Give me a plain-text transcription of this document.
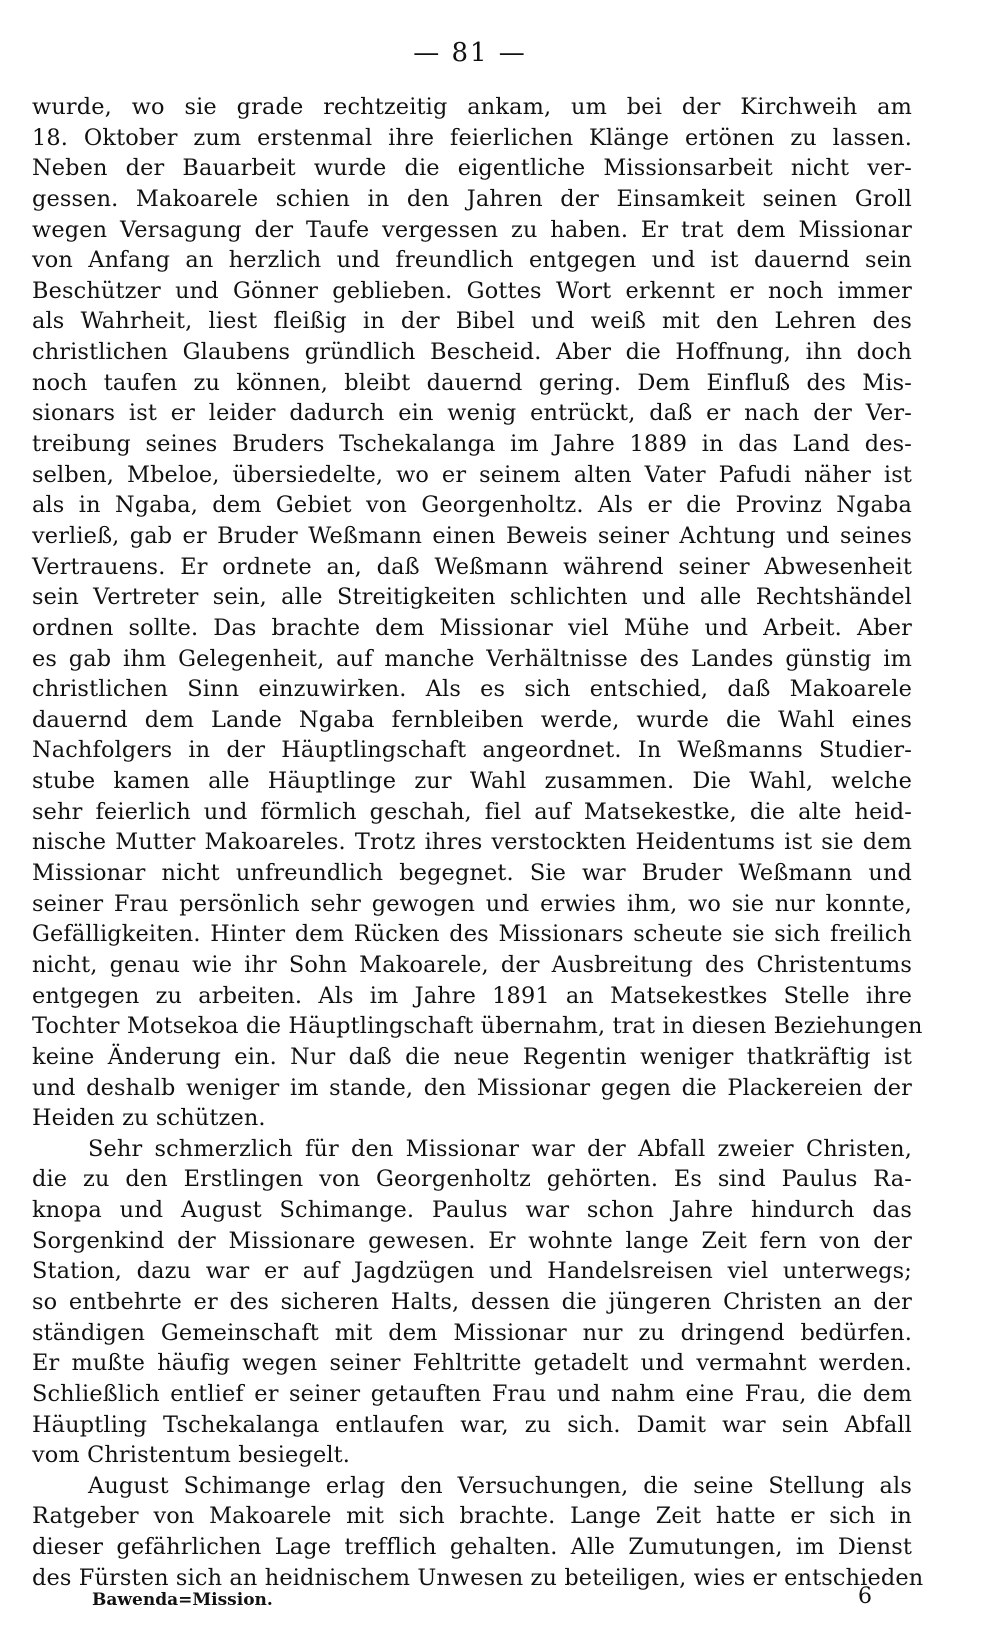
— 81 —
wurde, wo sie grade rechtzeitig ankam, um bei der Kirchweih am
18. Oktober zum erstenmal ihre feierlichen Klänge ertönen zu lassen.
Neben der Bauarbeit wurde die eigentliche Missionsarbeit nicht ver-
gessen. Makoarele schien in den Jahren der Einsamkeit seinen Groll
wegen Versagung der Taufe vergessen zu haben. Er trat dem Missionar
von Anfang an herzlich und freundlich entgegen und ist dauernd sein
Beschützer und Gönner geblieben. Gottes Wort erkennt er noch immer
als Wahrheit, liest fleißig in der Bibel und weiß mit den Lehren des
christlichen Glaubens gründlich Bescheid. Aber die Hoffnung, ihn doch
noch taufen zu können, bleibt dauernd gering. Dem Einfluß des Mis-
sionars ist er leider dadurch ein wenig entrückt, daß er nach der Ver-
treibung seines Bruders Tschekalanga im Jahre 1889 in das Land des-
selben, Mbeloe, übersiedelte, wo er seinem alten Vater Pafudi näher ist
als in Ngaba, dem Gebiet von Georgenholtz. Als er die Provinz Ngaba
verließ, gab er Bruder Weßmann einen Beweis seiner Achtung und seines
Vertrauens. Er ordnete an, daß Weßmann während seiner Abwesenheit
sein Vertreter sein, alle Streitigkeiten schlichten und alle Rechtshändel
ordnen sollte. Das brachte dem Missionar viel Mühe und Arbeit. Aber
es gab ihm Gelegenheit, auf manche Verhältnisse des Landes günstig im
christlichen Sinn einzuwirken. Als es sich entschied, daß Makoarele
dauernd dem Lande Ngaba fernbleiben werde, wurde die Wahl eines
Nachfolgers in der Häuptlingschaft angeordnet. In Weßmanns Studier-
stube kamen alle Häuptlinge zur Wahl zusammen. Die Wahl, welche
sehr feierlich und förmlich geschah, fiel auf Matsekestke, die alte heid-
nische Mutter Makoareles. Trotz ihres verstockten Heidentums ist sie dem
Missionar nicht unfreundlich begegnet. Sie war Bruder Weßmann und
seiner Frau persönlich sehr gewogen und erwies ihm, wo sie nur konnte,
Gefälligkeiten. Hinter dem Rücken des Missionars scheute sie sich freilich
nicht, genau wie ihr Sohn Makoarele, der Ausbreitung des Christentums
entgegen zu arbeiten. Als im Jahre 1891 an Matsekestkes Stelle ihre
Tochter Motsekoa die Häuptlingschaft übernahm, trat in diesen Beziehungen
keine Änderung ein. Nur daß die neue Regentin weniger thatkräftig ist
und deshalb weniger im stande, den Missionar gegen die Plackereien der
Heiden zu schützen.
Sehr schmerzlich für den Missionar war der Abfall zweier Christen,
die zu den Erstlingen von Georgenholtz gehörten. Es sind Paulus Ra-
knopa und August Schimange. Paulus war schon Jahre hindurch das
Sorgenkind der Missionare gewesen. Er wohnte lange Zeit fern von der
Station, dazu war er auf Jagdzügen und Handelsreisen viel unterwegs;
so entbehrte er des sicheren Halts, dessen die jüngeren Christen an der
ständigen Gemeinschaft mit dem Missionar nur zu dringend bedürfen.
Er mußte häufig wegen seiner Fehltritte getadelt und vermahnt werden.
Schließlich entlief er seiner getauften Frau und nahm eine Frau, die dem
Häuptling Tschekalanga entlaufen war, zu sich. Damit war sein Abfall
vom Christentum besiegelt.
August Schimange erlag den Versuchungen, die seine Stellung als
Ratgeber von Makoarele mit sich brachte. Lange Zeit hatte er sich in
dieser gefährlichen Lage trefflich gehalten. Alle Zumutungen, im Dienst
des Fürsten sich an heidnischem Unwesen zu beteiligen, wies er entschieden
Bawenda=Mission.	6
